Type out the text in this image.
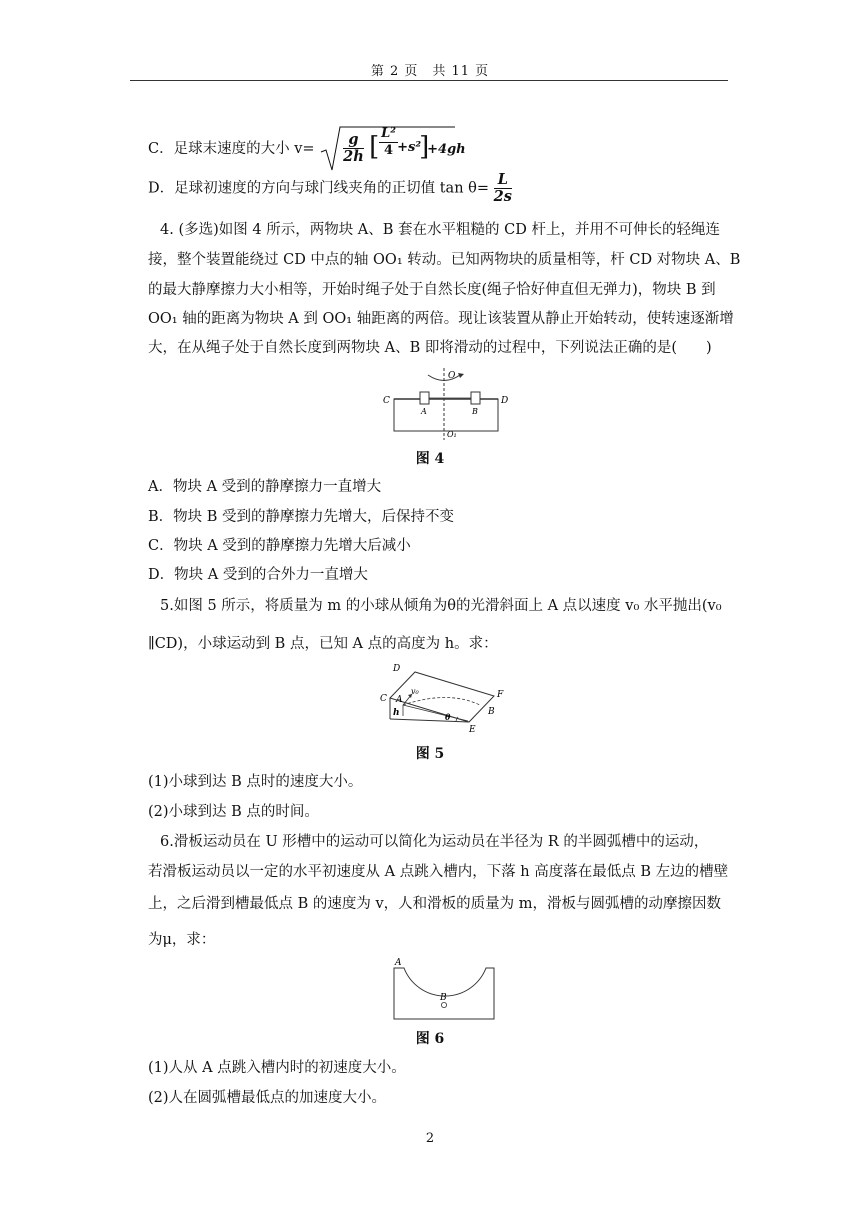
第 2 页　共 11 页
C．足球末速度的大小 $v= \frac{g}{2h}$ [ $\frac{\text{L²}}{4} +s^2$
]
+4gh
D．足球初速度的方向与球门线夹角的正切值 $\tan \theta= \frac{L}{2s}$
4. (多选)如图 4 所示，两物块 A、B 套在水平粗糙的 CD 杆上，并用不可伸长的轻绳连
接，整个装置能绕过 CD 中点的轴 OO₁ 转动。已知两物块的质量相等，杆 CD 对物块 A、B
的最大静摩擦力大小相等，开始时绳子处于自然长度(绳子恰好伸直但无弹力)，物块 B 到
OO₁ 轴的距离为物块 A 到 OO₁ 轴距离的两倍。现让该装置从静止开始转动，使转速逐渐增
大，在从绳子处于自然长度到两物块 A、B 即将滑动的过程中，下列说法正确的是(　　)
O
C	D
A	B
O₁
图 4
A．物块 A 受到的静摩擦力一直增大
B．物块 B 受到的静摩擦力先增大，后保持不变
C．物块 A 受到的静摩擦力先增大后减小
D．物块 A 受到的合外力一直增大
5.如图 5 所示，将质量为 m 的小球从倾角为θ的光滑斜面上 A 点以速度 v₀ 水平抛出(v₀
∥CD)，小球运动到 B 点，已知 A 点的高度为 h。求：
D
C A
v₀
h	θ
E
F
B
图 5
(1)小球到达 B 点时的速度大小。
(2)小球到达 B 点的时间。
6.滑板运动员在 U 形槽中的运动可以简化为运动员在半径为 R 的半圆弧槽中的运动，
若滑板运动员以一定的水平初速度从 A 点跳入槽内，下落 h 高度落在最低点 B 左边的槽壁
上，之后滑到槽最低点 B 的速度为 v，人和滑板的质量为 m，滑板与圆弧槽的动摩擦因数
为μ，求：
A
B
图 6
(1)人从 A 点跳入槽内时的初速度大小。
(2)人在圆弧槽最低点的加速度大小。
2
